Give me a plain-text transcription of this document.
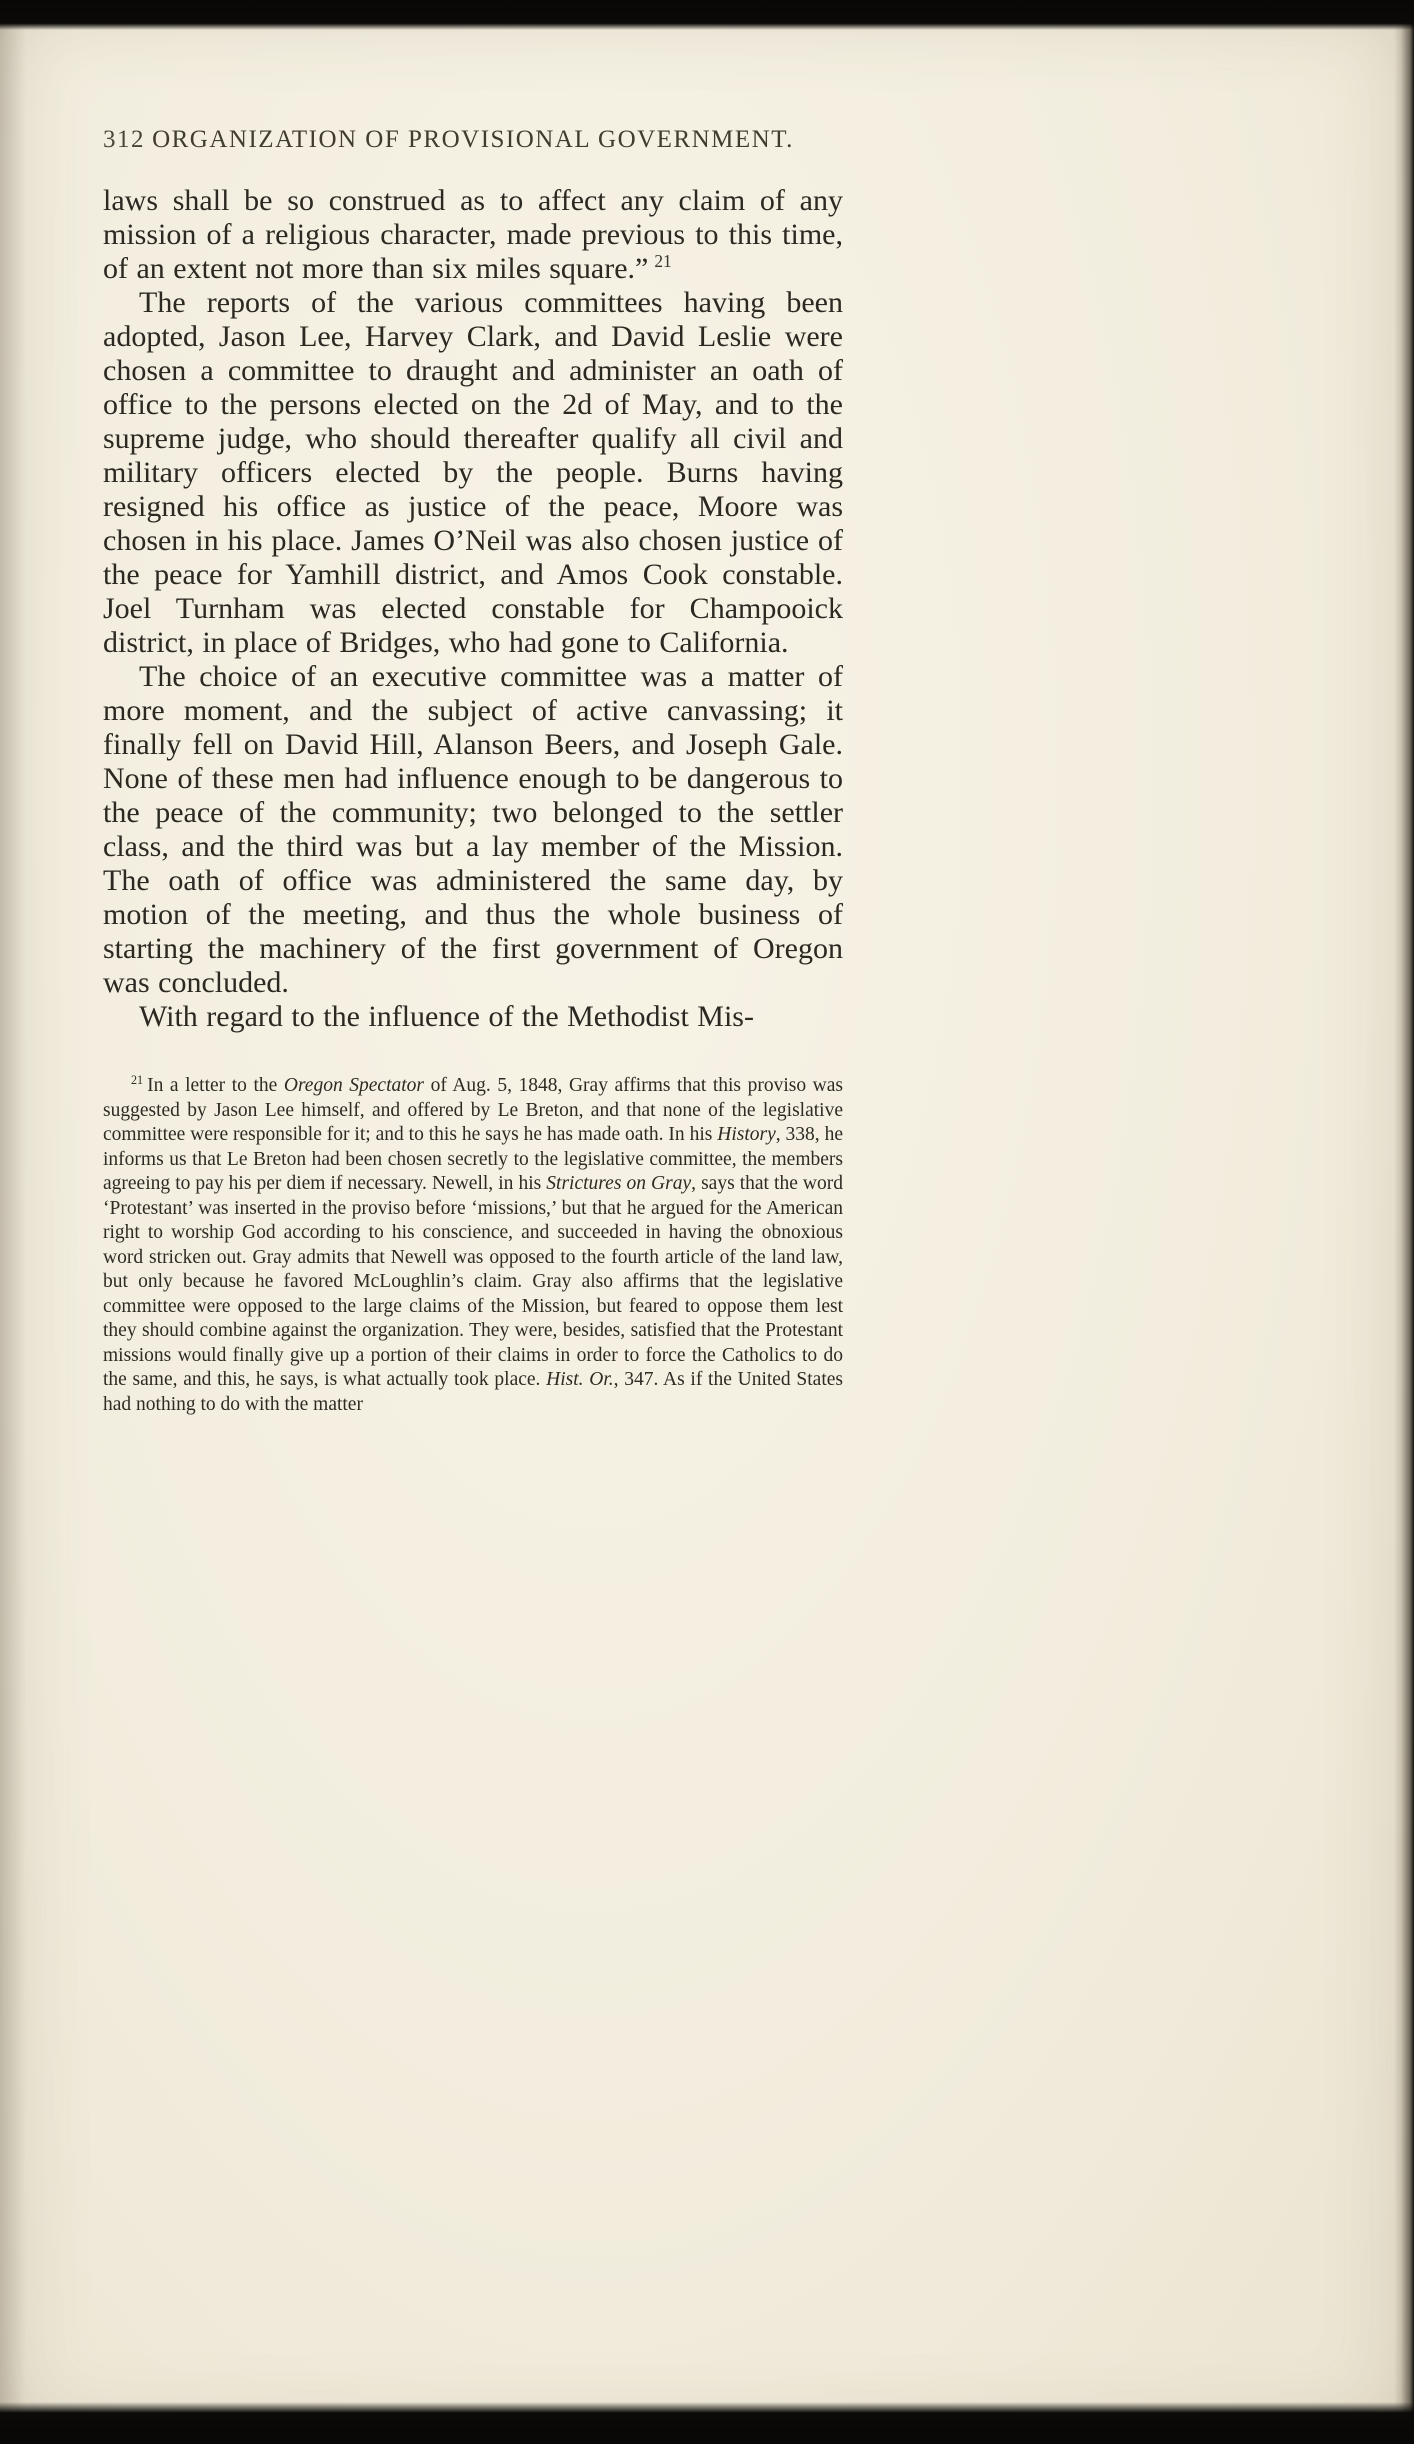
312 ORGANIZATION OF PROVISIONAL GOVERNMENT.

laws shall be so construed as to affect any claim of any mission of a religious character, made previous to this time, of an extent not more than six miles square.” $^{21}$

The reports of the various committees having been adopted, Jason Lee, Harvey Clark, and David Leslie were chosen a committee to draught and administer an oath of office to the persons elected on the 2d of May, and to the supreme judge, who should thereafter qualify all civil and military officers elected by the people. Burns having resigned his office as justice of the peace, Moore was chosen in his place. James O’Neil was also chosen justice of the peace for Yamhill district, and Amos Cook constable. Joel Turnham was elected constable for Champooick district, in place of Bridges, who had gone to California.

The choice of an executive committee was a matter of more moment, and the subject of active canvassing; it finally fell on David Hill, Alanson Beers, and Joseph Gale. None of these men had influence enough to be dangerous to the peace of the community; two belonged to the settler class, and the third was but a lay member of the Mission. The oath of office was administered the same day, by motion of the meeting, and thus the whole business of starting the machinery of the first government of Oregon was concluded.

With regard to the influence of the Methodist Mis-

$^{21}$ In a letter to the Oregon Spectator of Aug. 5, 1848, Gray affirms that this proviso was suggested by Jason Lee himself, and offered by Le Breton, and that none of the legislative committee were responsible for it; and to this he says he has made oath. In his History, 338, he informs us that Le Breton had been chosen secretly to the legislative committee, the members agreeing to pay his per diem if necessary. Newell, in his Strictures on Gray, says that the word ‘Protestant’ was inserted in the proviso before ‘missions,’ but that he argued for the American right to worship God according to his conscience, and succeeded in having the obnoxious word stricken out. Gray admits that Newell was opposed to the fourth article of the land law, but only because he favored McLoughlin’s claim. Gray also affirms that the legislative committee were opposed to the large claims of the Mission, but feared to oppose them lest they should combine against the organization. They were, besides, satisfied that the Protestant missions would finally give up a portion of their claims in order to force the Catholics to do the same, and this, he says, is what actually took place. Hist. Or., 347. As if the United States had nothing to do with the matter
